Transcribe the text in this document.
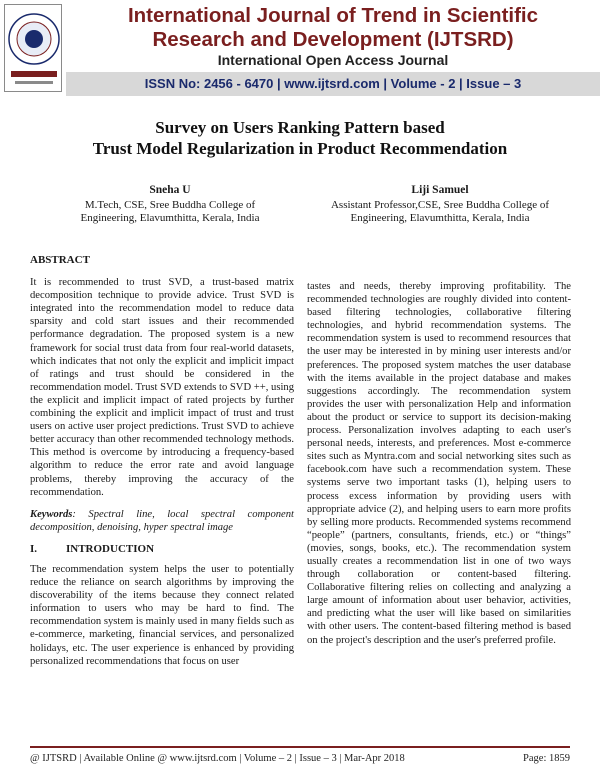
International Journal of Trend in Scientific
Research and Development (IJTSRD)
International Open Access Journal
ISSN No: 2456 - 6470 | www.ijtsrd.com | Volume - 2 | Issue – 3
Survey on Users Ranking Pattern based
Trust Model Regularization in Product Recommendation
Sneha U
M.Tech, CSE, Sree Buddha College of
Engineering, Elavumthitta, Kerala, India
Liji Samuel
Assistant Professor,CSE, Sree Buddha College of
Engineering, Elavumthitta, Kerala, India
ABSTRACT
It is recommended to trust SVD, a trust-based matrix decomposition technique to provide advice. Trust SVD is integrated into the recommendation model to reduce data sparsity and cold start issues and their recommended performance degradation. The proposed system is a new framework for social trust data from four real-world datasets, which indicates that not only the explicit and implicit impact of ratings and trust should be considered in the recommendation model. Trust SVD extends to SVD ++, using the explicit and implicit impact of rated projects by further combining the explicit and implicit impact of trust and trust users on active user project predictions. Trust SVD to achieve better accuracy than other recommended technology methods. This method is overcome by introducing a frequency-based algorithm to reduce the error rate and avoid language problems, thereby improving the accuracy of the recommendation.
Keywords: Spectral line, local spectral component decomposition, denoising, hyper spectral image
I.	INTRODUCTION
The recommendation system helps the user to potentially reduce the reliance on search algorithms by improving the discoverability of the items because they connect related information to users who may be hard to find. The recommendation system is mainly used in many fields such as e-commerce, marketing, financial services, and personalized holidays, etc. The user experience is enhanced by providing personalized recommendations that focus on user
tastes and needs, thereby improving profitability. The recommended technologies are roughly divided into content-based filtering technologies, collaborative filtering technologies, and hybrid recommendation systems. The recommendation system is used to recommend resources that the user may be interested in by mining user interests and/or preferences. The proposed system matches the user database with the items available in the project database and makes suggestions accordingly. The recommendation system provides the user with personalization Help and information about the product or service to support its decision-making process. Personalization involves adapting to each user's personal needs, interests, and preferences. Most e-commerce sites such as Myntra.com and social networking sites such as facebook.com have such a recommendation system. These systems serve two important tasks (1), helping users to process excess information by providing users with appropriate advice (2), and helping users to earn more profits by selling more products. Recommended systems recommend “people” (partners, consultants, friends, etc.) or “things” (movies, songs, books, etc.). The recommendation system usually creates a recommendation list in one of two ways through collaboration or content-based filtering. Collaborative filtering relies on collecting and analyzing a large amount of information about user behavior, activities, and predicting what the user will like based on similarities with other users. The content-based filtering method is based on the project's description and the user's preferred profile.
@ IJTSRD | Available Online @ www.ijtsrd.com | Volume – 2 | Issue – 3 | Mar-Apr 2018	Page: 1859
